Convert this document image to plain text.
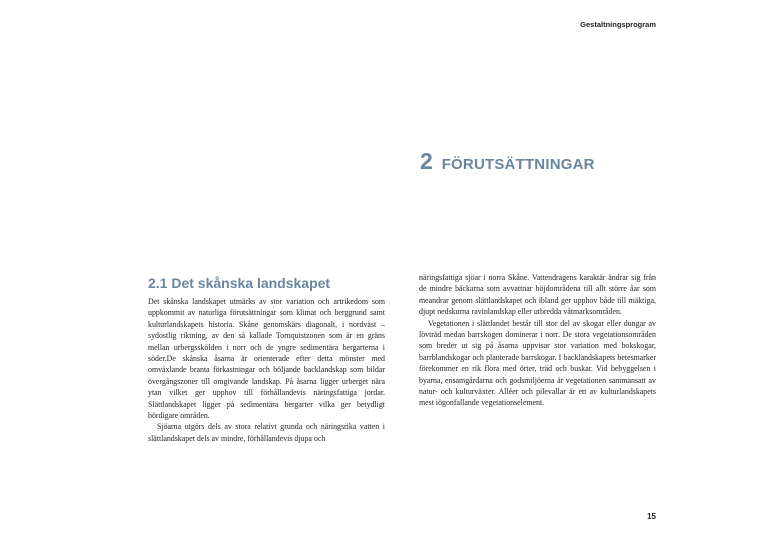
Gestaltningsprogram
2 FÖRUTSÄTTNINGAR
2.1 Det skånska landskapet

Det skånska landskapet utmärks av stor variation och artrikedom som uppkommit av naturliga förutsättningar som klimat och berggrund samt kulturlandskapets historia. Skåne genomskärs diagonalt, i nordväst – sydostlig riktning, av den så kallade Tornquistzonen som är en gräns mellan urbergsskölden i norr och de yngre sedimentära bergarterna i söder.De skånska åsarna är orienterade efter detta mönster med omväxlande branta förkastningar och böljande backlandskap som bildar övergångszoner till omgivande landskap. På åsarna ligger urberget nära ytan vilket ger upphov till förhållandevis näringsfattiga jordar. Slättlandskapet ligger på sedimentära bergarter vilka ger betydligt bördigare områden.

Sjöarna utgörs dels av stora relativt grunda och näringsrika vatten i slättlandskapet dels av mindre, förhållandevis djupa och

näringsfattiga sjöar i norra Skåne. Vattendragens karaktär ändrar sig från de mindre bäckarna som avvattnar höjdområdena till allt större åar som meandrar genom slättlandskapet och ibland ger upphov både till mäktiga, djupt nedskurna ravinlandskap eller utbredda våtmarksområden.

Vegetationen i slättlandet består till stor del av skogar eller dungar av lövträd medan barrskogen dominerar i norr. De stora vegetationsområden som breder ut sig på åsarna uppvisar stor variation med bokskogar, barrblandskogar och planterade barrskogar. I backlandskapets betesmarker förekommer en rik flora med örter, träd och buskar. Vid bebyggelsen i byarna, ensamgårdarna och godsmiljöerna är vegetationen sammansatt av natur- och kulturväxter. Alléer och pilevallar är ett av kulturlandskapets mest iögonfallande vegetationselement.

15
